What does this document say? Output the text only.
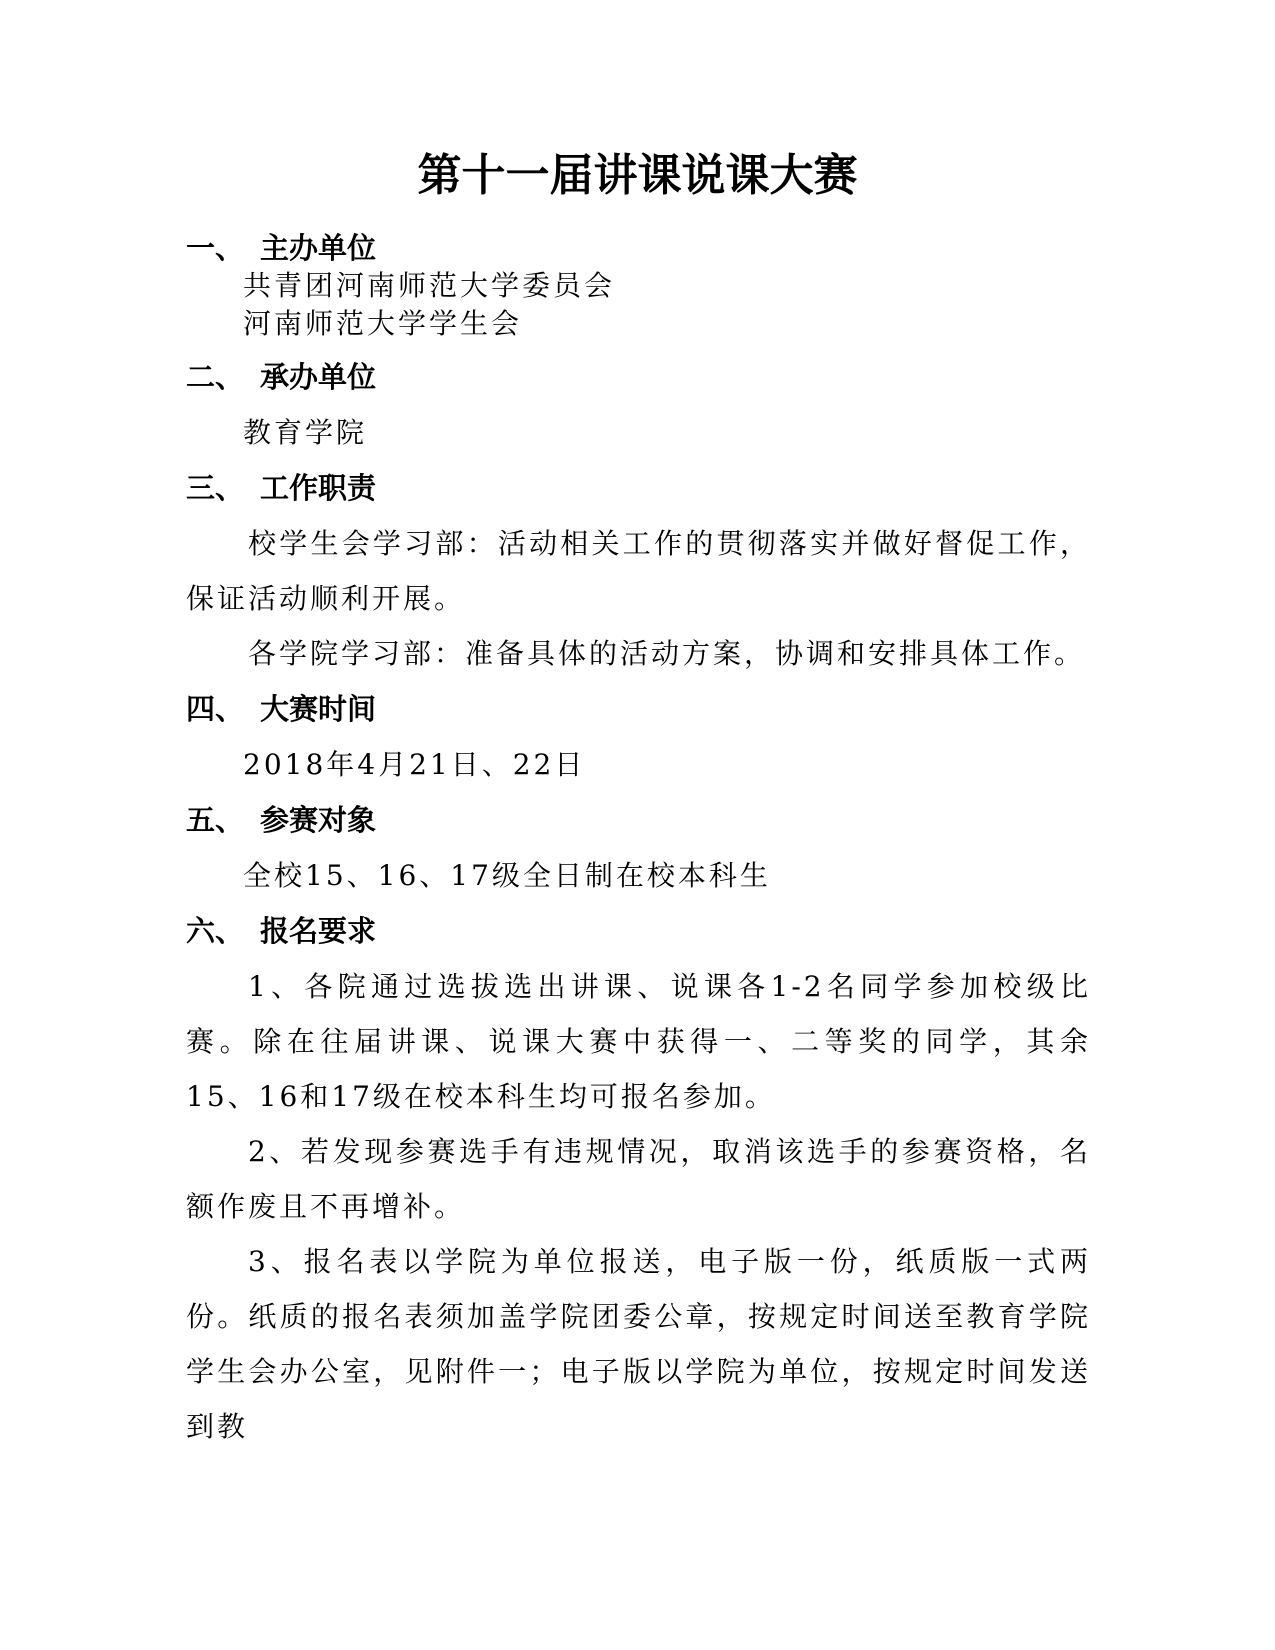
第十一届讲课说课大赛
一、 主办单位
共青团河南师范大学委员会
河南师范大学学生会
二、 承办单位
教育学院
三、 工作职责

校学生会学习部：活动相关工作的贯彻落实并做好督促工作，保证活动顺利开展。

各学院学习部：准备具体的活动方案，协调和安排具体工作。

四、 大赛时间
2018年4月21日、22日
五、 参赛对象
全校15、16、17级全日制在校本科生
六、 报名要求

1、各院通过选拔选出讲课、说课各1-2名同学参加校级比赛。除在往届讲课、说课大赛中获得一、二等奖的同学，其余15、16和17级在校本科生均可报名参加。

2、若发现参赛选手有违规情况，取消该选手的参赛资格，名额作废且不再增补。

3、报名表以学院为单位报送，电子版一份，纸质版一式两份。纸质的报名表须加盖学院团委公章，按规定时间送至教育学院学生会办公室，见附件一；电子版以学院为单位，按规定时间发送到教
